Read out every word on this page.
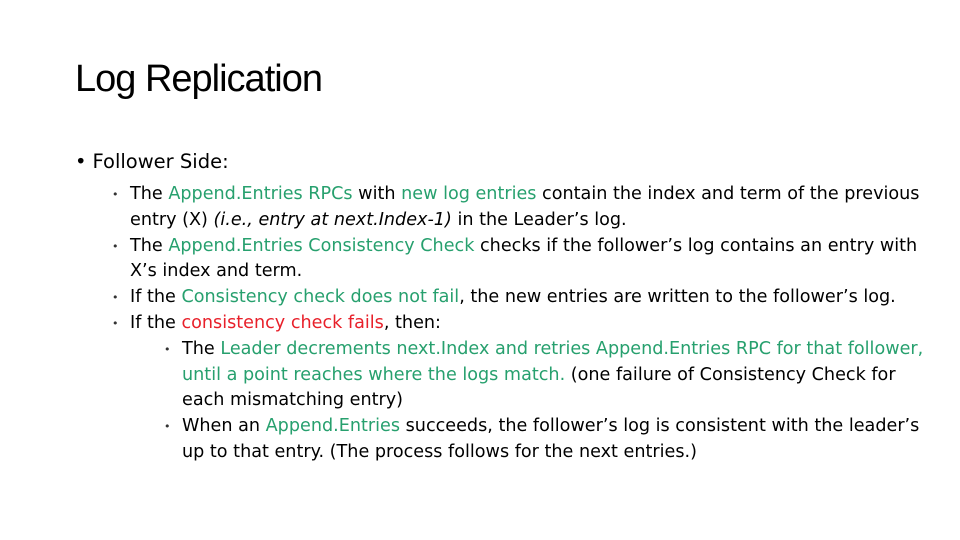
Log Replication
• Follower Side:
• The Append.Entries RPCs with new log entries contain the index and term of the previous entry (X) (i.e., entry at next.Index-1) in the Leader’s log.
• The Append.Entries Consistency Check checks if the follower’s log contains an entry with X’s index and term.
• If the Consistency check does not fail, the new entries are written to the follower’s log.
• If the consistency check fails, then:
• The Leader decrements next.Index and retries Append.Entries RPC for that follower, until a point reaches where the logs match. (one failure of Consistency Check for each mismatching entry)
• When an Append.Entries succeeds, the follower’s log is consistent with the leader’s up to that entry. (The process follows for the next entries.)
